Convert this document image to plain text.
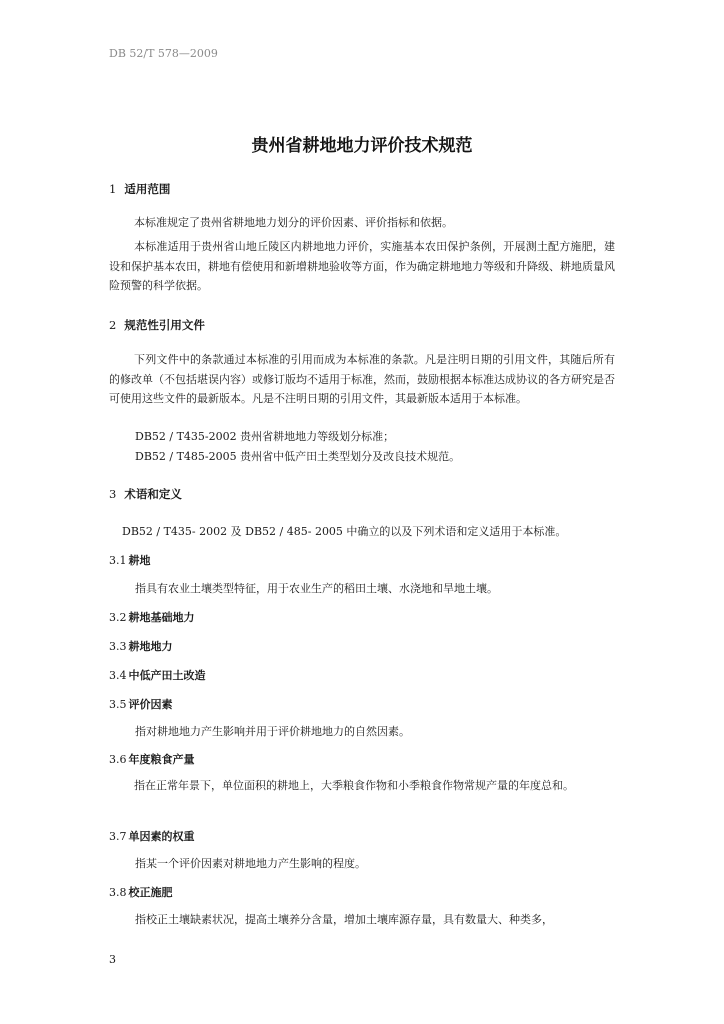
DB 52/T 578—2009
贵州省耕地地力评价技术规范
1 适用范围
本标准规定了贵州省耕地地力划分的评价因素、评价指标和依据。
本标准适用于贵州省山地丘陵区内耕地地力评价，实施基本农田保护条例，开展测土配方施肥，建设和保护基本农田，耕地有偿使用和新增耕地验收等方面，作为确定耕地地力等级和升降级、耕地质量风险预警的科学依据。
2 规范性引用文件
下列文件中的条款通过本标准的引用而成为本标准的条款。凡是注明日期的引用文件，其随后所有的修改单（不包括堪误内容）或修订版均不适用于标准，然而，鼓励根据本标准达成协议的各方研究是否可使用这些文件的最新版本。凡是不注明日期的引用文件，其最新版本适用于本标准。
DB52 / T435-2002 贵州省耕地地力等级划分标准；
DB52 / T485-2005 贵州省中低产田土类型划分及改良技术规范。
3 术语和定义
DB52 / T435- 2002 及 DB52 / 485- 2005 中确立的以及下列术语和定义适用于本标准。
3.1 耕地
指具有农业土壤类型特征，用于农业生产的稻田土壤、水浇地和旱地土壤。
3.2 耕地基础地力
3.3 耕地地力
3.4 中低产田土改造
3.5 评价因素
指对耕地地力产生影响并用于评价耕地地力的自然因素。
3.6 年度粮食产量
指在正常年景下，单位面积的耕地上，大季粮食作物和小季粮食作物常规产量的年度总和。
3.7 单因素的权重
指某一个评价因素对耕地地力产生影响的程度。
3.8 校正施肥
指校正土壤缺素状况，提高土壤养分含量，增加土壤库源存量，具有数量大、种类多，
3
